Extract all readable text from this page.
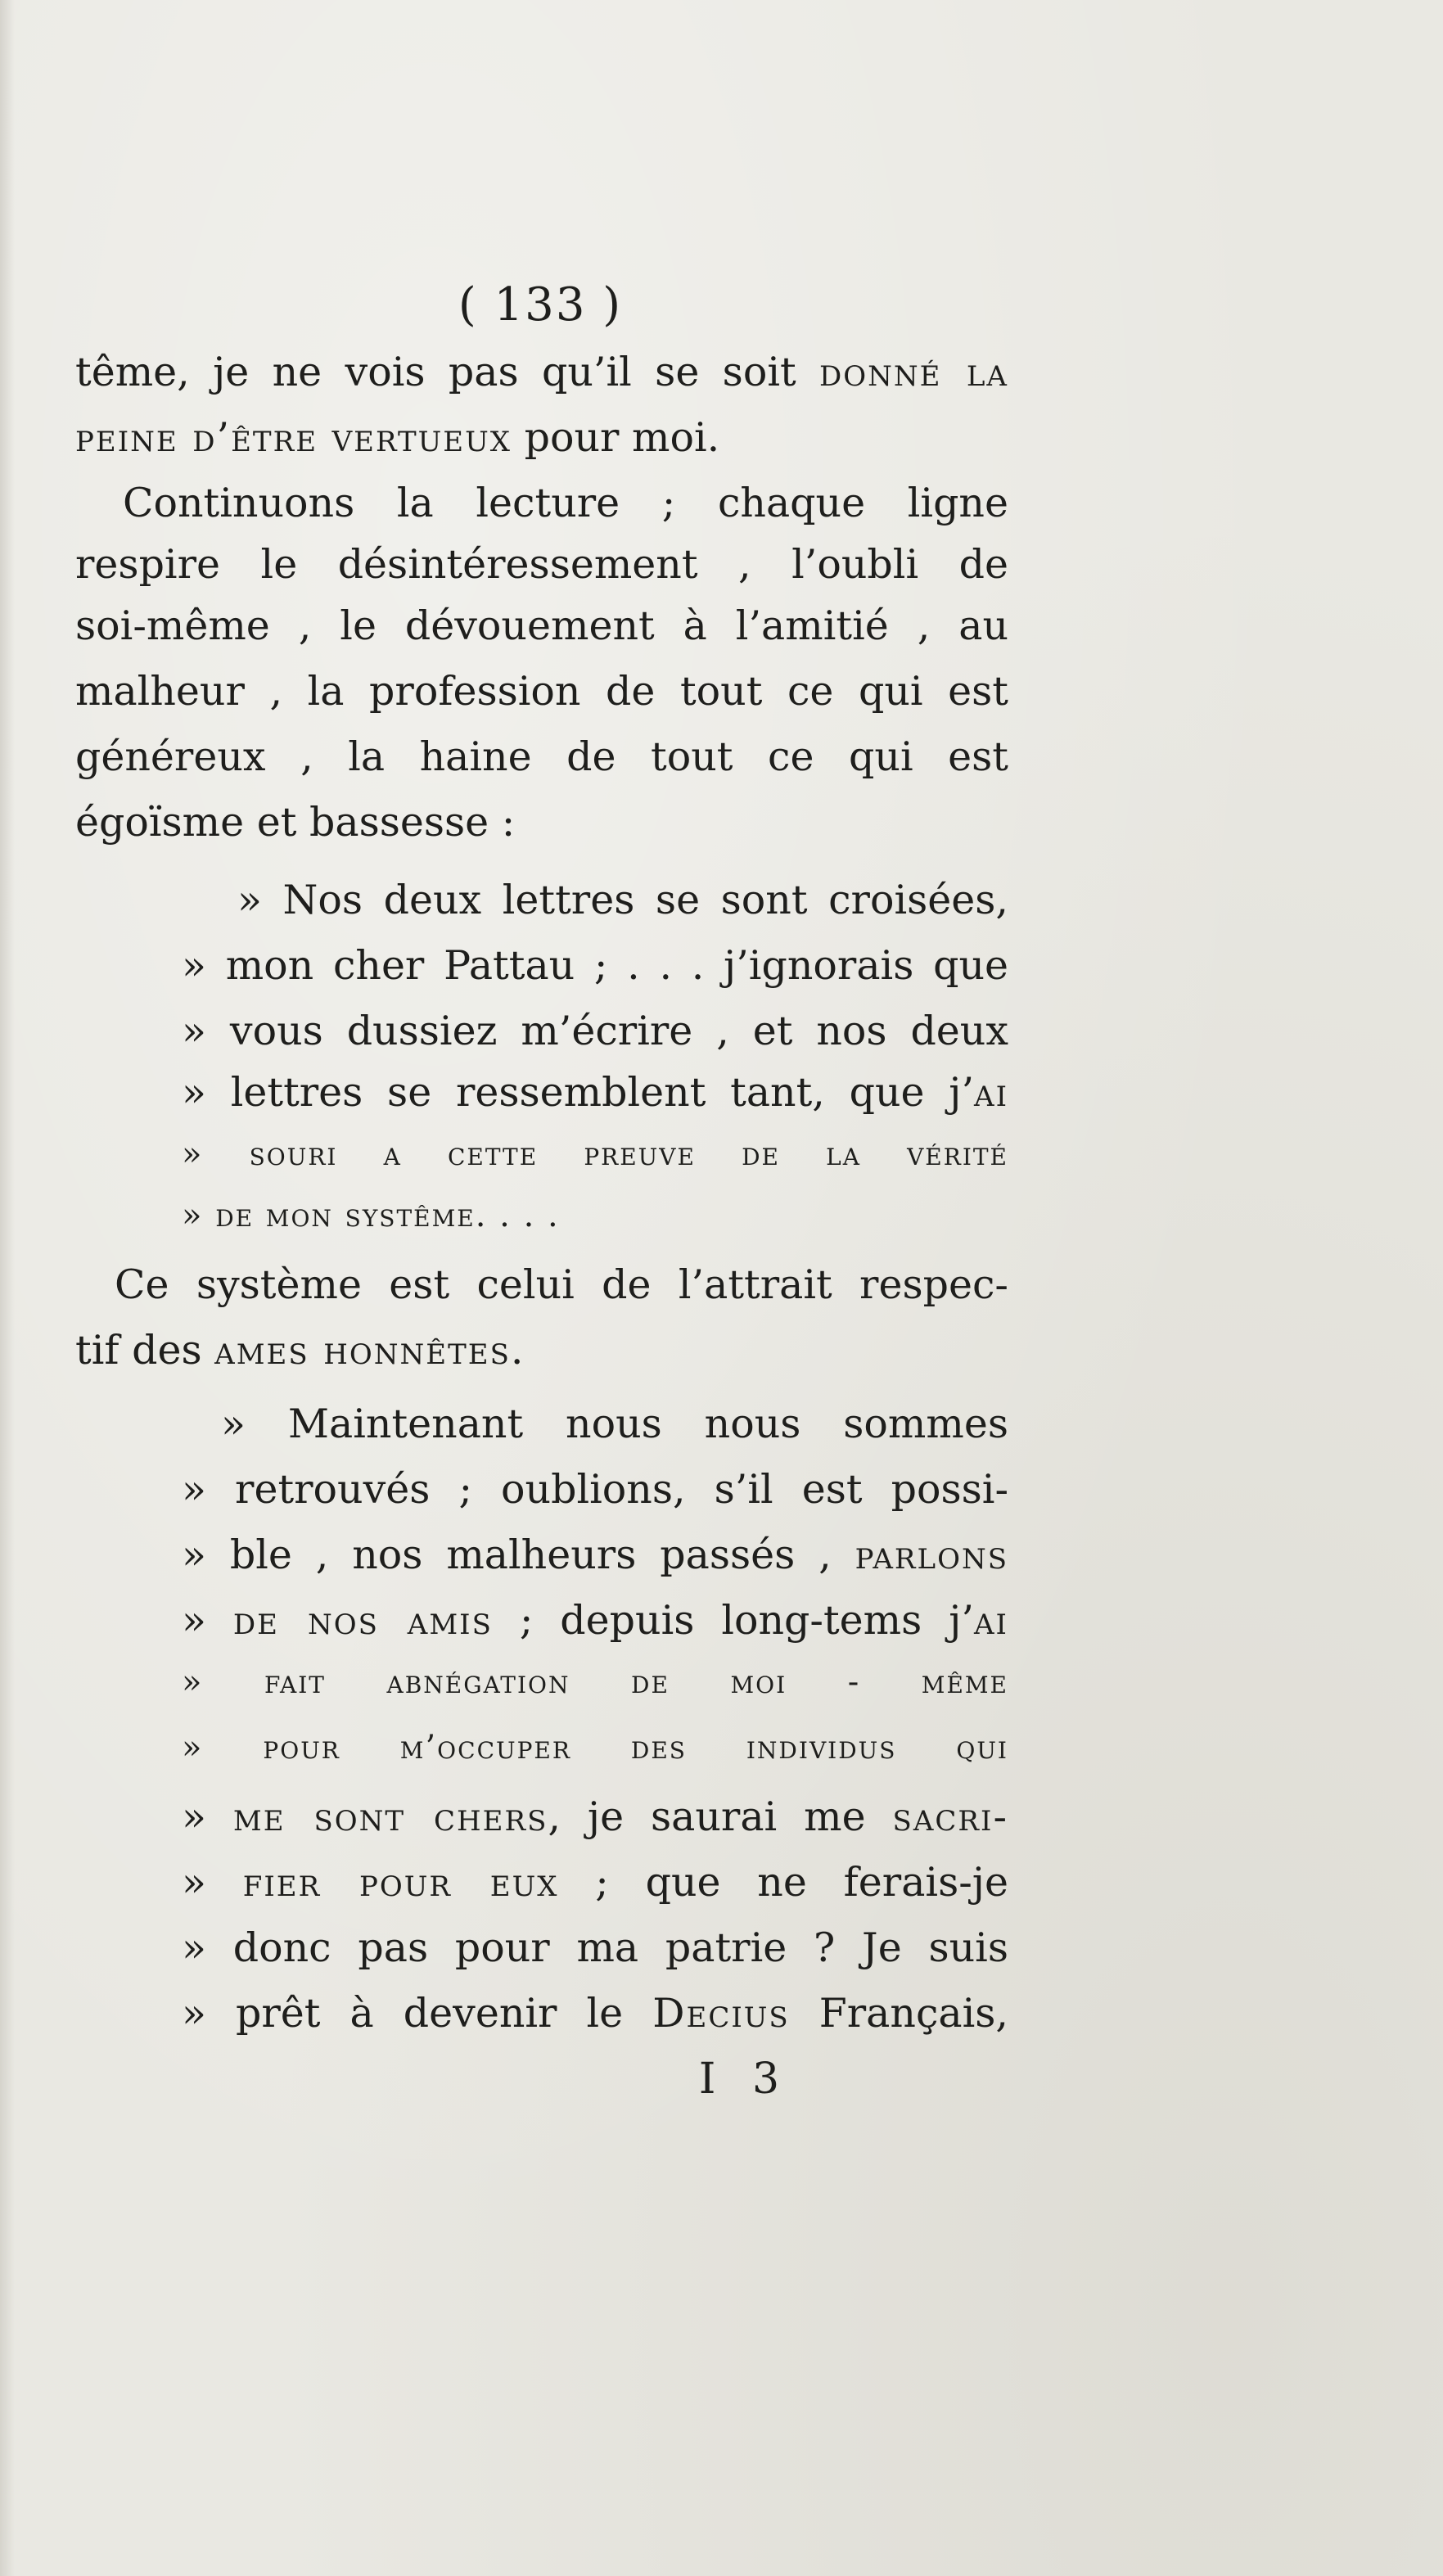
( 133 )
tême, je ne vois pas qu’il se soit donné la
peine d’être vertueux pour moi.
Continuons la lecture ; chaque ligne
respire le désintéressement , l’oubli de
soi-même , le dévouement à l’amitié , au
malheur , la profession de tout ce qui est
généreux , la haine de tout ce qui est
égoïsme et bassesse :
» Nos deux lettres se sont croisées,
» mon cher Pattau ; . . . j’ignorais que
» vous dussiez m’écrire , et nos deux
» lettres se ressemblent tant, que j’ai
» souri a cette preuve de la vérité
» de mon systême. . . .
Ce système est celui de l’attrait respec-
tif des ames honnêtes.
» Maintenant nous nous sommes
» retrouvés ; oublions, s’il est possi-
» ble , nos malheurs passés , parlons
» de nos amis ; depuis long-tems j’ai
» fait abnégation de moi - même
» pour m’occuper des individus qui
» me sont chers, je saurai me sacri-
» fier pour eux ; que ne ferais-je
» donc pas pour ma patrie ? Je suis
» prêt à devenir le Decius Français,
I 3
